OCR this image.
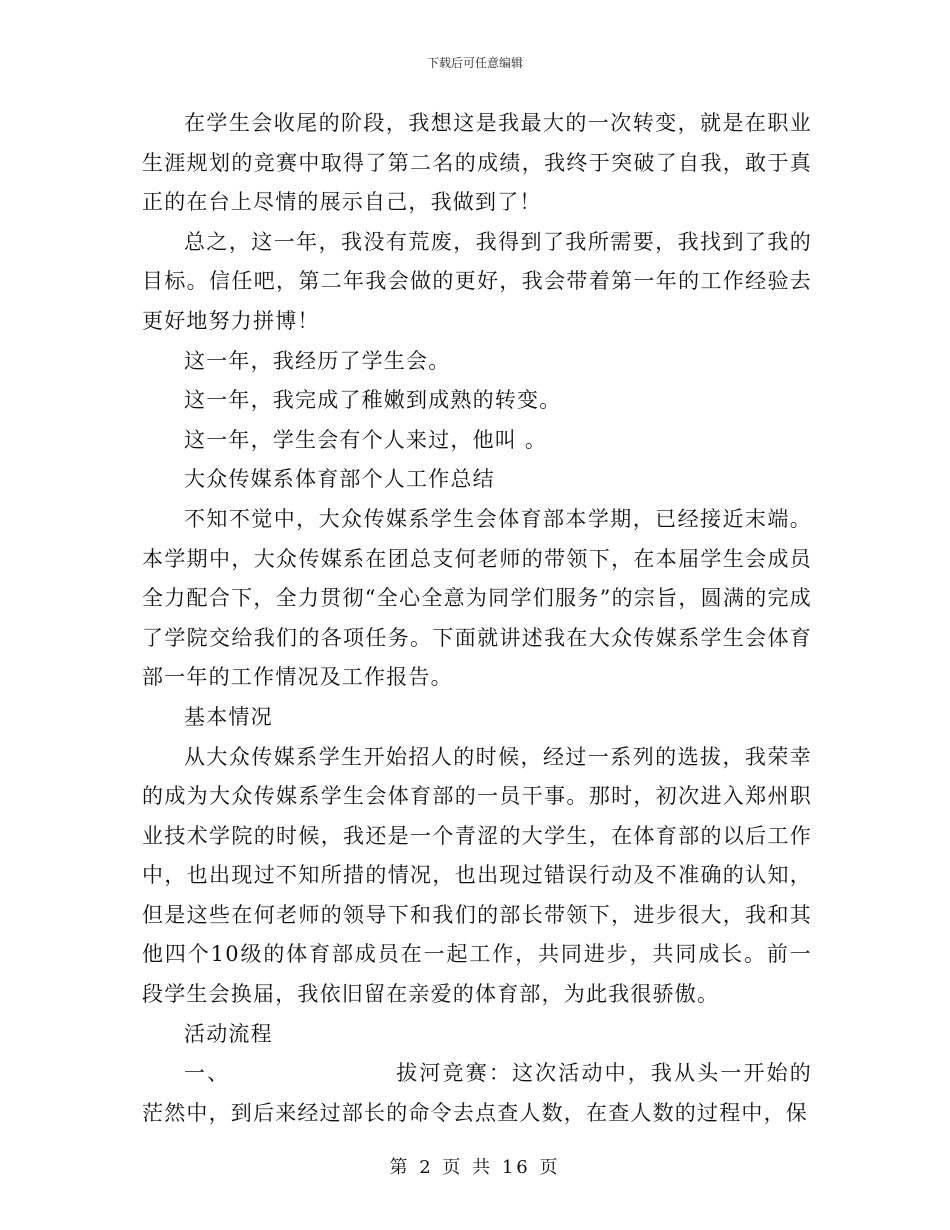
下载后可任意编辑

在学生会收尾的阶段，我想这是我最大的一次转变，就是在职业生涯规划的竞赛中取得了第二名的成绩，我终于突破了自我，敢于真正的在台上尽情的展示自己，我做到了！

总之，这一年，我没有荒废，我得到了我所需要，我找到了我的目标。信任吧，第二年我会做的更好，我会带着第一年的工作经验去更好地努力拼博！

这一年，我经历了学生会。

这一年，我完成了稚嫩到成熟的转变。

这一年，学生会有个人来过，他叫 。

大众传媒系体育部个人工作总结

不知不觉中，大众传媒系学生会体育部本学期，已经接近末端。本学期中，大众传媒系在团总支何老师的带领下，在本届学生会成员全力配合下，全力贯彻“全心全意为同学们服务”的宗旨，圆满的完成了学院交给我们的各项任务。下面就讲述我在大众传媒系学生会体育部一年的工作情况及工作报告。

基本情况

从大众传媒系学生开始招人的时候，经过一系列的选拔，我荣幸的成为大众传媒系学生会体育部的一员干事。那时，初次进入郑州职业技术学院的时候，我还是一个青涩的大学生，在体育部的以后工作中，也出现过不知所措的情况，也出现过错误行动及不准确的认知，但是这些在何老师的领导下和我们的部长带领下，进步很大，我和其他四个10级的体育部成员在一起工作，共同进步，共同成长。前一段学生会换届，我依旧留在亲爱的体育部，为此我很骄傲。

活动流程

一、	拔河竞赛：这次活动中，我从头一开始的茫然中，到后来经过部长的命令去点查人数，在查人数的过程中，保

第 2 页 共 16 页
